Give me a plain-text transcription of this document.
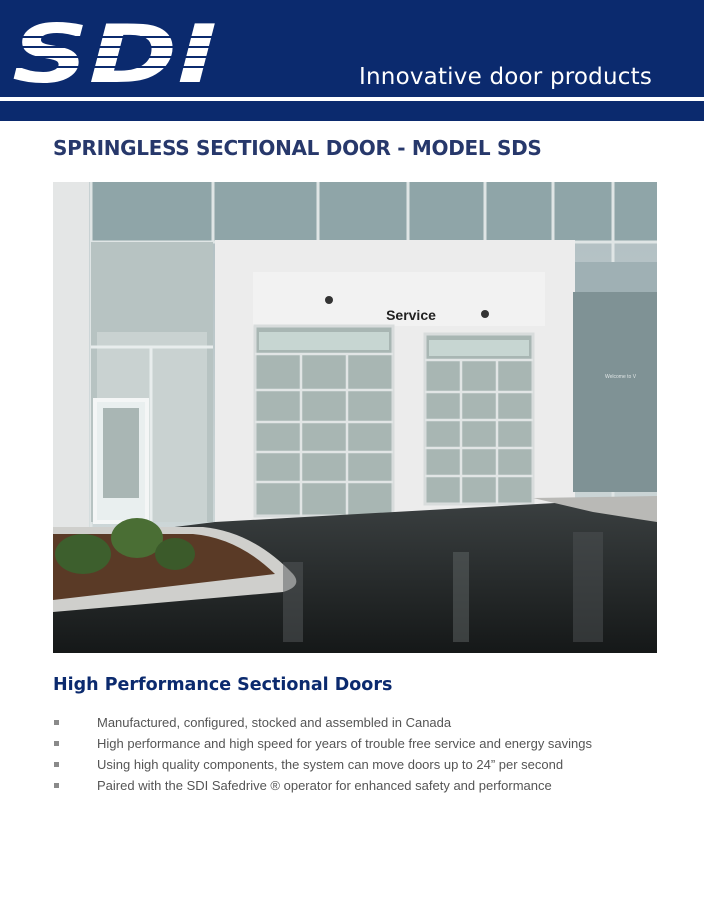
Innovative door products
SPRINGLESS SECTIONAL DOOR - MODEL SDS
Service
Welcome to V
High Performance Sectional Doors
Manufactured, configured, stocked and assembled in Canada
High performance and high speed for years of trouble free service and energy savings
Using high quality components, the system can move doors up to 24” per second
Paired with the SDI Safedrive ® operator for enhanced safety and performance
